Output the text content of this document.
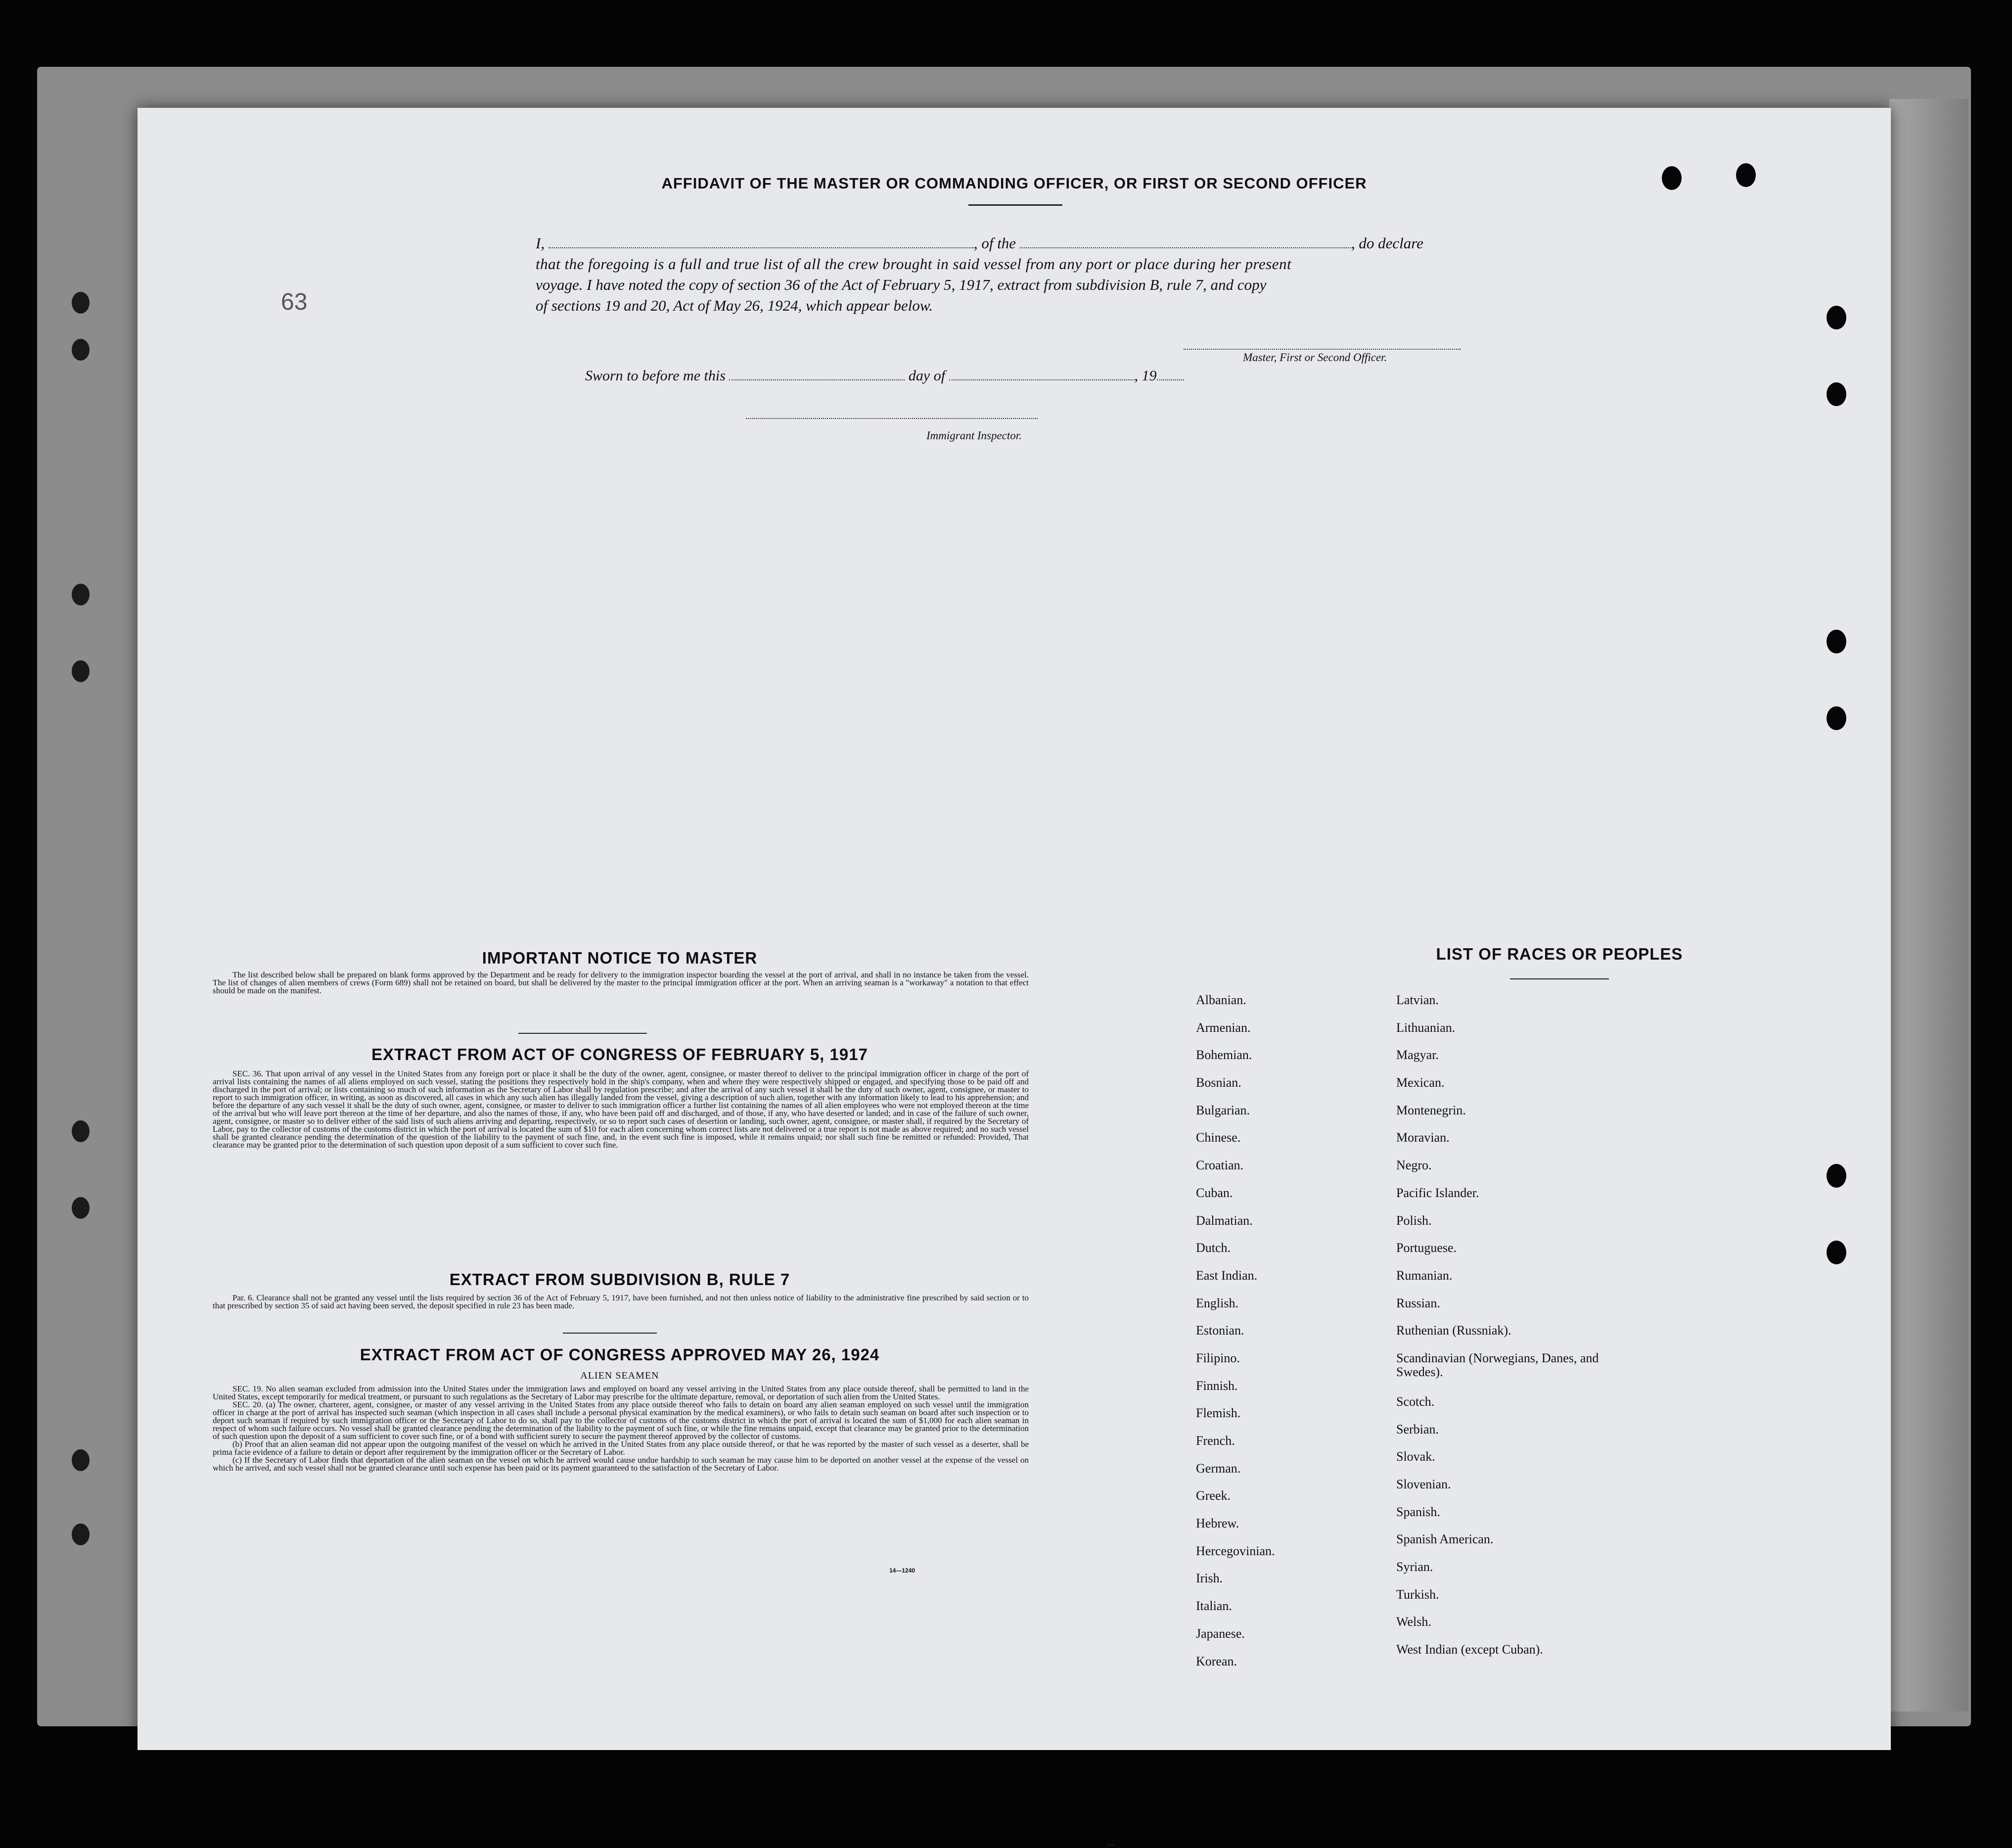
63
AFFIDAVIT OF THE MASTER OR COMMANDING OFFICER, OR FIRST OR SECOND OFFICER
I,	, of the	, do declare
that the foregoing is a full and true list of all the crew brought in said vessel from any port or place during her present
voyage. I have noted the copy of section 36 of the Act of February 5, 1917, extract from subdivision B, rule 7, and copy
of sections 19 and 20, Act of May 26, 1924, which appear below.
Master, First or Second Officer.
Sworn to before me this	day of	, 19
Immigrant Inspector.
IMPORTANT NOTICE TO MASTER

The list described below shall be prepared on blank forms approved by the Department and be ready for delivery to the immigration inspector boarding the vessel at the port of arrival, and shall in no instance be taken from the vessel. The list of changes of alien members of crews (Form 689) shall not be retained on board, but shall be delivered by the master to the principal immigration officer at the port. When an arriving seaman is a "workaway" a notation to that effect should be made on the manifest.

EXTRACT FROM ACT OF CONGRESS OF FEBRUARY 5, 1917

SEC. 36. That upon arrival of any vessel in the United States from any foreign port or place it shall be the duty of the owner, agent, consignee, or master thereof to deliver to the principal immigration officer in charge of the port of arrival lists containing the names of all aliens employed on such vessel, stating the positions they respectively hold in the ship's company, when and where they were respectively shipped or engaged, and specifying those to be paid off and discharged in the port of arrival; or lists containing so much of such information as the Secretary of Labor shall by regulation prescribe; and after the arrival of any such vessel it shall be the duty of such owner, agent, consignee, or master to report to such immigration officer, in writing, as soon as discovered, all cases in which any such alien has illegally landed from the vessel, giving a description of such alien, together with any information likely to lead to his apprehension; and before the departure of any such vessel it shall be the duty of such owner, agent, consignee, or master to deliver to such immigration officer a further list containing the names of all alien employees who were not employed thereon at the time of the arrival but who will leave port thereon at the time of her departure, and also the names of those, if any, who have been paid off and discharged, and of those, if any, who have deserted or landed; and in case of the failure of such owner, agent, consignee, or master so to deliver either of the said lists of such aliens arriving and departing, respectively, or so to report such cases of desertion or landing, such owner, agent, consignee, or master shall, if required by the Secretary of Labor, pay to the collector of customs of the customs district in which the port of arrival is located the sum of $10 for each alien concerning whom correct lists are not delivered or a true report is not made as above required; and no such vessel shall be granted clearance pending the determination of the question of the liability to the payment of such fine, and, in the event such fine is imposed, while it remains unpaid; nor shall such fine be remitted or refunded: Provided, That clearance may be granted prior to the determination of such question upon deposit of a sum sufficient to cover such fine.

EXTRACT FROM SUBDIVISION B, RULE 7

Par. 6. Clearance shall not be granted any vessel until the lists required by section 36 of the Act of February 5, 1917, have been furnished, and not then unless notice of liability to the administrative fine prescribed by said section or to that prescribed by section 35 of said act having been served, the deposit specified in rule 23 has been made.

EXTRACT FROM ACT OF CONGRESS APPROVED MAY 26, 1924
ALIEN SEAMEN

SEC. 19. No alien seaman excluded from admission into the United States under the immigration laws and employed on board any vessel arriving in the United States from any place outside thereof, shall be permitted to land in the United States, except temporarily for medical treatment, or pursuant to such regulations as the Secretary of Labor may prescribe for the ultimate departure, removal, or deportation of such alien from the United States.

SEC. 20. (a) The owner, charterer, agent, consignee, or master of any vessel arriving in the United States from any place outside thereof who fails to detain on board any alien seaman employed on such vessel until the immigration officer in charge at the port of arrival has inspected such seaman (which inspection in all cases shall include a personal physical examination by the medical examiners), or who fails to detain such seaman on board after such inspection or to deport such seaman if required by such immigration officer or the Secretary of Labor to do so, shall pay to the collector of customs of the customs district in which the port of arrival is located the sum of $1,000 for each alien seaman in respect of whom such failure occurs. No vessel shall be granted clearance pending the determination of the liability to the payment of such fine, or while the fine remains unpaid, except that clearance may be granted prior to the determination of such question upon the deposit of a sum sufficient to cover such fine, or of a bond with sufficient surety to secure the payment thereof approved by the collector of customs.

(b) Proof that an alien seaman did not appear upon the outgoing manifest of the vessel on which he arrived in the United States from any place outside thereof, or that he was reported by the master of such vessel as a deserter, shall be prima facie evidence of a failure to detain or deport after requirement by the immigration officer or the Secretary of Labor.

(c) If the Secretary of Labor finds that deportation of the alien seaman on the vessel on which he arrived would cause undue hardship to such seaman he may cause him to be deported on another vessel at the expense of the vessel on which he arrived, and such vessel shall not be granted clearance until such expense has been paid or its payment guaranteed to the satisfaction of the Secretary of Labor.

14—1240
LIST OF RACES OR PEOPLES
Albanian.
Armenian.
Bohemian.
Bosnian.
Bulgarian.
Chinese.
Croatian.
Cuban.
Dalmatian.
Dutch.
East Indian.
English.
Estonian.
Filipino.
Finnish.
Flemish.
French.
German.
Greek.
Hebrew.
Hercegovinian.
Irish.
Italian.
Japanese.
Korean.
Latvian.
Lithuanian.
Magyar.
Mexican.
Montenegrin.
Moravian.
Negro.
Pacific Islander.
Polish.
Portuguese.
Rumanian.
Russian.
Ruthenian (Russniak).
Scandinavian (Norwegians, Danes, and Swedes).
Scotch.
Serbian.
Slovak.
Slovenian.
Spanish.
Spanish American.
Syrian.
Turkish.
Welsh.
West Indian (except Cuban).
...
